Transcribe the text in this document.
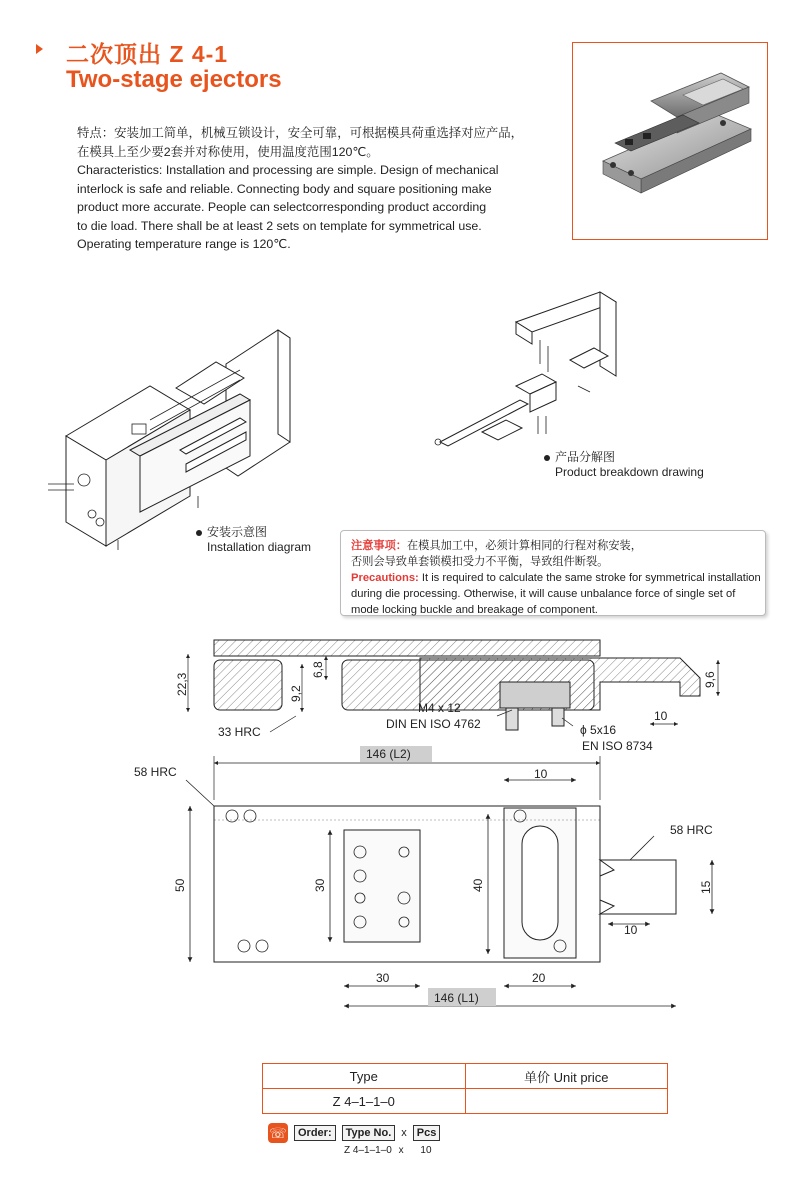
二次顶出 Z 4-1
Two-stage ejectors
特点：安装加工简单，机械互锁设计，安全可靠，可根据模具荷重选择对应产品，
在模具上至少要2套并对称使用，使用温度范围120℃。
Characteristics: Installation and processing are simple. Design of mechanical
interlock is safe and reliable. Connecting body and square positioning make
product more accurate. People can selectcorresponding product according
to die load. There shall be at least 2 sets on template for symmetrical use.
Operating temperature range is 120℃.
安装示意图
Installation diagram
产品分解图
Product breakdown drawing
注意事项：在模具加工中，必须计算相同的行程对称安装，
否则会导致单套锁模扣受力不平衡，导致组件断裂。
Precautions: It is required to calculate the same stroke for symmetrical installation
during die processing. Otherwise, it will cause unbalance force of single set of
mode locking buckle and breakage of component.
22,3	9,2
6,8
9,6
10
33 HRC
M4 x 12
DIN EN ISO 4762	ϕ 5x16
EN ISO 8734
146 (L2)
58 HRC
58 HRC
10
50	30	40	15
10
30	20
146 (L1)
Type	单价 Unit price
Z 4–1–1–0	
☏	Order:	Type No. x Pcs
Z 4–1–1–0 x 10
